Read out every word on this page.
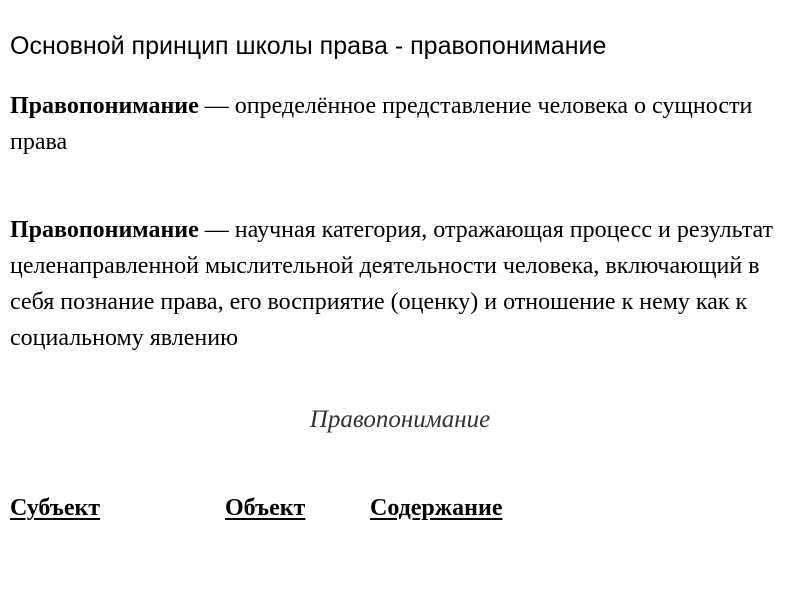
Основной принцип школы права - правопонимание
Правопонимание — определённое представление человека о сущности права
Правопонимание — научная категория, отражающая процесс и результат целенаправленной мыслительной деятельности человека, включающий в себя познание права, его восприятие (оценку) и отношение к нему как к социальному явлению
Правопонимание
Субъект	Объект	Содержание
